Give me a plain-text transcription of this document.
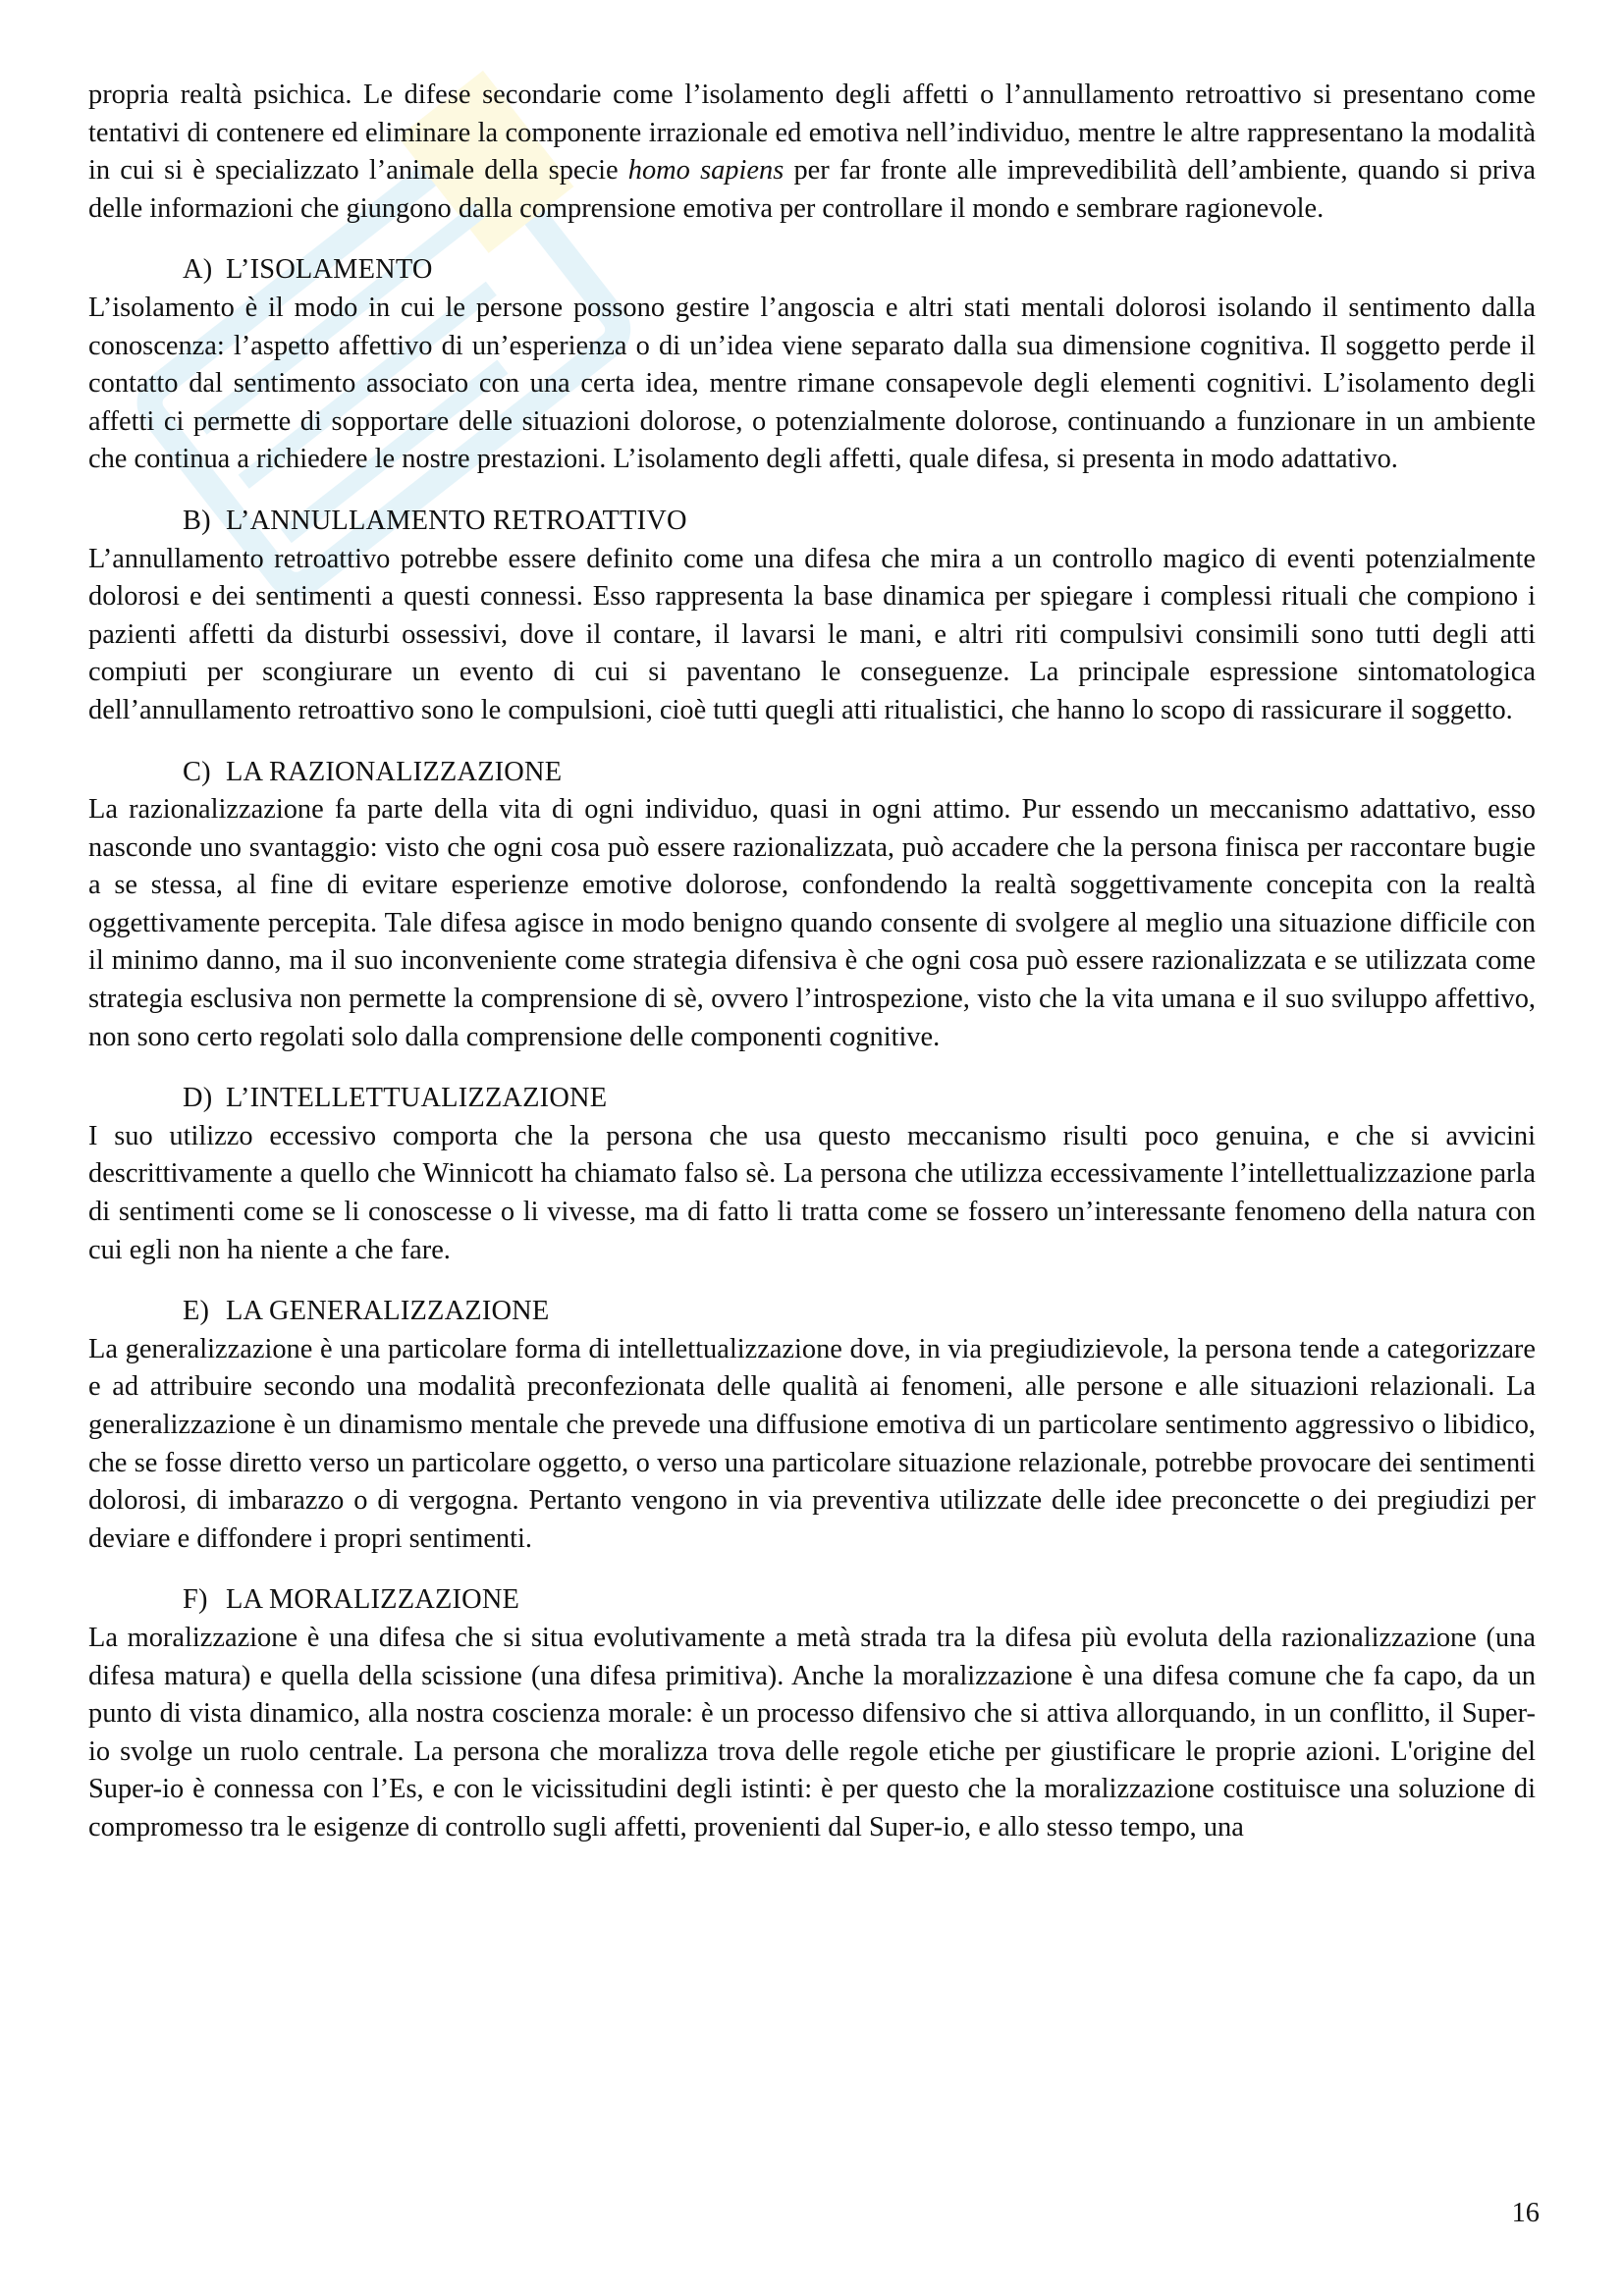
propria realtà psichica. Le difese secondarie come l’isolamento degli affetti o l’annullamento retroattivo si presentano come tentativi di contenere ed eliminare la componente irrazionale ed emotiva nell’individuo, mentre le altre rappresentano la modalità in cui si è specializzato l’animale della specie homo sapiens per far fronte alle imprevedibilità dell’ambiente, quando si priva delle informazioni che giungono dalla comprensione emotiva per controllare il mondo e sembrare ragionevole.

A) L’ISOLAMENTO

L’isolamento è il modo in cui le persone possono gestire l’angoscia e altri stati mentali dolorosi isolando il sentimento dalla conoscenza: l’aspetto affettivo di un’esperienza o di un’idea viene separato dalla sua dimensione cognitiva. Il soggetto perde il contatto dal sentimento associato con una certa idea, mentre rimane consapevole degli elementi cognitivi. L’isolamento degli affetti ci permette di sopportare delle situazioni dolorose, o potenzialmente dolorose, continuando a funzionare in un ambiente che continua a richiedere le nostre prestazioni. L’isolamento degli affetti, quale difesa, si presenta in modo adattativo.

B) L’ANNULLAMENTO RETROATTIVO

L’annullamento retroattivo potrebbe essere definito come una difesa che mira a un controllo magico di eventi potenzialmente dolorosi e dei sentimenti a questi connessi. Esso rappresenta la base dinamica per spiegare i complessi rituali che compiono i pazienti affetti da disturbi ossessivi, dove il contare, il lavarsi le mani, e altri riti compulsivi consimili sono tutti degli atti compiuti per scongiurare un evento di cui si paventano le conseguenze. La principale espressione sintomatologica dell’annullamento retroattivo sono le compulsioni, cioè tutti quegli atti ritualistici, che hanno lo scopo di rassicurare il soggetto.

C) LA RAZIONALIZZAZIONE

La razionalizzazione fa parte della vita di ogni individuo, quasi in ogni attimo. Pur essendo un meccanismo adattativo, esso nasconde uno svantaggio: visto che ogni cosa può essere razionalizzata, può accadere che la persona finisca per raccontare bugie a se stessa, al fine di evitare esperienze emotive dolorose, confondendo la realtà soggettivamente concepita con la realtà oggettivamente percepita. Tale difesa agisce in modo benigno quando consente di svolgere al meglio una situazione difficile con il minimo danno, ma il suo inconveniente come strategia difensiva è che ogni cosa può essere razionalizzata e se utilizzata come strategia esclusiva non permette la comprensione di sè, ovvero l’introspezione, visto che la vita umana e il suo sviluppo affettivo, non sono certo regolati solo dalla comprensione delle componenti cognitive.

D) L’INTELLETTUALIZZAZIONE

I suo utilizzo eccessivo comporta che la persona che usa questo meccanismo risulti poco genuina, e che si avvicini descrittivamente a quello che Winnicott ha chiamato falso sè. La persona che utilizza eccessivamente l’intellettualizzazione parla di sentimenti come se li conoscesse o li vivesse, ma di fatto li tratta come se fossero un’interessante fenomeno della natura con cui egli non ha niente a che fare.

E) LA GENERALIZZAZIONE

La generalizzazione è una particolare forma di intellettualizzazione dove, in via pregiudizievole, la persona tende a categorizzare e ad attribuire secondo una modalità preconfezionata delle qualità ai fenomeni, alle persone e alle situazioni relazionali. La generalizzazione è un dinamismo mentale che prevede una diffusione emotiva di un particolare sentimento aggressivo o libidico, che se fosse diretto verso un particolare oggetto, o verso una particolare situazione relazionale, potrebbe provocare dei sentimenti dolorosi, di imbarazzo o di vergogna. Pertanto vengono in via preventiva utilizzate delle idee preconcette o dei pregiudizi per deviare e diffondere i propri sentimenti.

F) LA MORALIZZAZIONE

La moralizzazione è una difesa che si situa evolutivamente a metà strada tra la difesa più evoluta della razionalizzazione (una difesa matura) e quella della scissione (una difesa primitiva). Anche la moralizzazione è una difesa comune che fa capo, da un punto di vista dinamico, alla nostra coscienza morale: è un processo difensivo che si attiva allorquando, in un conflitto, il Super-io svolge un ruolo centrale. La persona che moralizza trova delle regole etiche per giustificare le proprie azioni. L'origine del Super-io è connessa con l’Es, e con le vicissitudini degli istinti: è per questo che la moralizzazione costituisce una soluzione di compromesso tra le esigenze di controllo sugli affetti, provenienti dal Super-io, e allo stesso tempo, una

16
